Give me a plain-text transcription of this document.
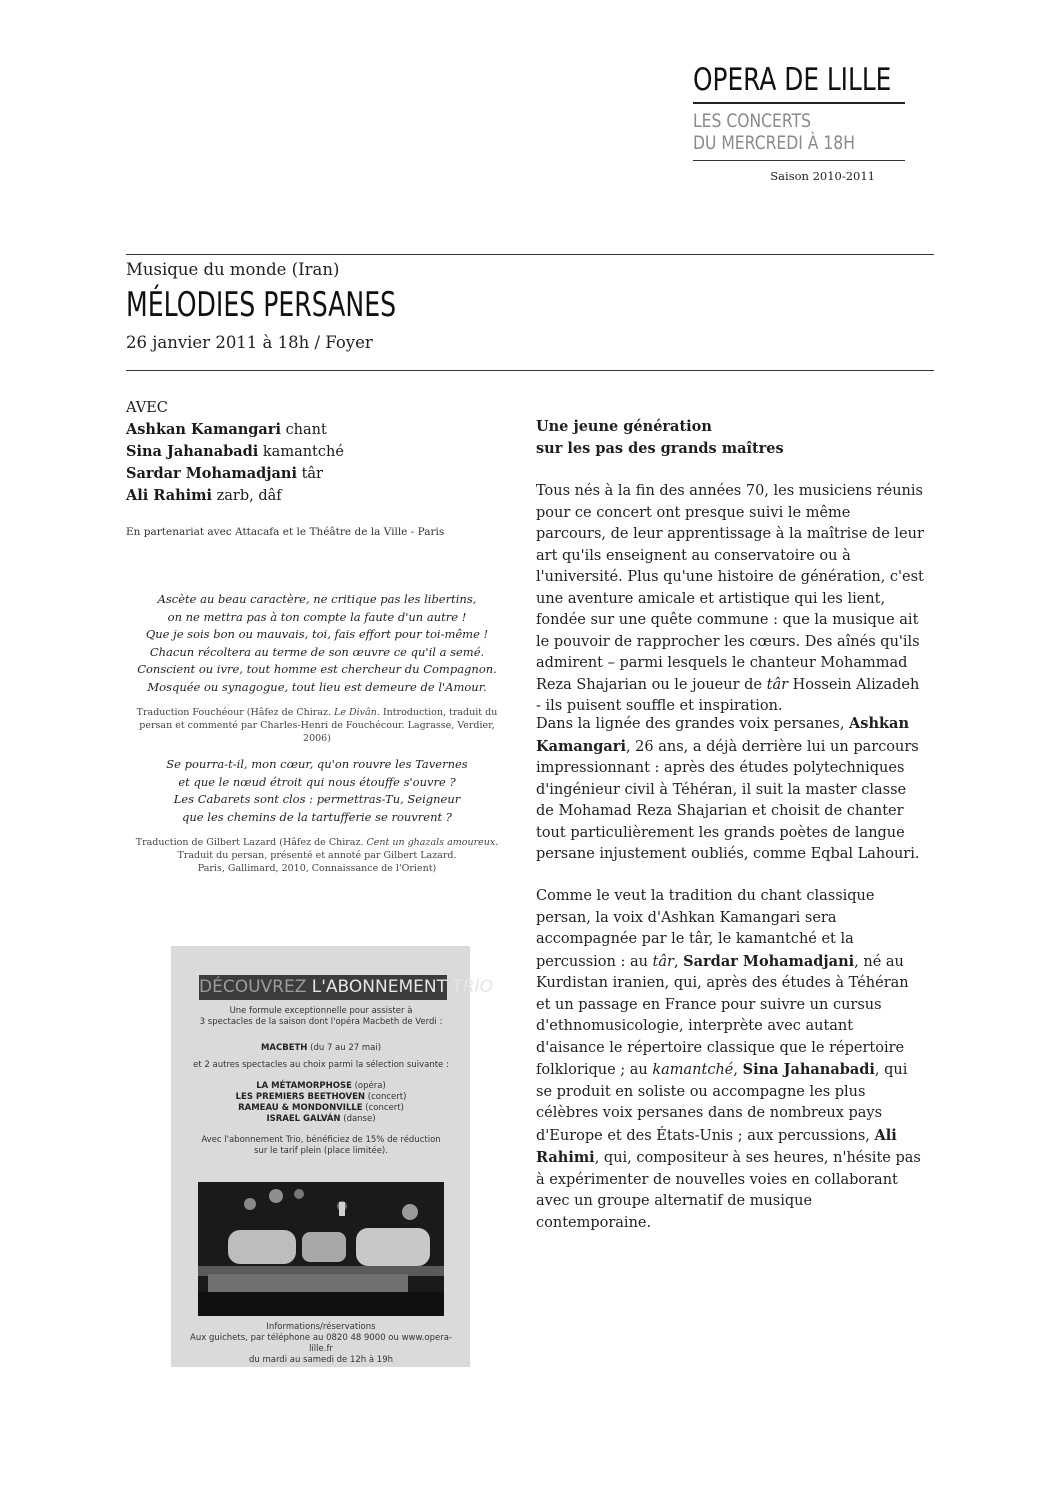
OPERA DE LILLE
LES CONCERTS
DU MERCREDI À 18H
Saison 2010-2011
Musique du monde (Iran)
MÉLODIES PERSANES
26 janvier 2011 à 18h / Foyer
AVEC
Ashkan Kamangari chant
Sina Jahanabadi kamantché
Sardar Mohamadjani târ
Ali Rahimi zarb, dâf
En partenariat avec Attacafa et le Théâtre de la Ville - Paris
Ascète au beau caractère, ne critique pas les libertins,
on ne mettra pas à ton compte la faute d'un autre !
Que je sois bon ou mauvais, toi, fais effort pour toi-même !
Chacun récoltera au terme de son œuvre ce qu'il a semé.
Conscient ou ivre, tout homme est chercheur du Compagnon.
Mosquée ou synagogue, tout lieu est demeure de l'Amour.
Traduction Fouchéour (Hâfez de Chiraz. Le Divân. Introduction, traduit du persan et commenté par Charles-Henri de Fouchécour. Lagrasse, Verdier, 2006)
Se pourra-t-il, mon cœur, qu'on rouvre les Tavernes
et que le nœud étroit qui nous étouffe s'ouvre ?
Les Cabarets sont clos : permettras-Tu, Seigneur
que les chemins de la tartufferie se rouvrent ?
Traduction de Gilbert Lazard (Hâfez de Chiraz. Cent un ghazals amoureux.
Traduit du persan, présenté et annoté par Gilbert Lazard.
Paris, Gallimard, 2010, Connaissance de l'Orient)
DÉCOUVREZ L'ABONNEMENT TRIO
Une formule exceptionnelle pour assister à
3 spectacles de la saison dont l'opéra Macbeth de Verdi :
MACBETH (du 7 au 27 mai)
et 2 autres spectacles au choix parmi la sélection suivante :
LA MÉTAMORPHOSE (opéra)
LES PREMIERS BEETHOVEN (concert)
RAMEAU & MONDONVILLE (concert)
ISRAEL GALVÁN (danse)
Avec l'abonnement Trio, bénéficiez de 15% de réduction
sur le tarif plein (place limitée).
Informations/réservations
Aux guichets, par téléphone au 0820 48 9000 ou www.opera-lille.fr
du mardi au samedi de 12h à 19h
Une jeune génération
sur les pas des grands maîtres
Tous nés à la fin des années 70, les musiciens réunis pour ce concert ont presque suivi le même parcours, de leur apprentissage à la maîtrise de leur art qu'ils enseignent au conservatoire ou à l'université. Plus qu'une histoire de génération, c'est une aventure amicale et artistique qui les lient, fondée sur une quête commune : que la musique ait le pouvoir de rapprocher les cœurs. Des aînés qu'ils admirent – parmi lesquels le chanteur Mohammad Reza Shajarian ou le joueur de târ Hossein Alizadeh - ils puisent souffle et inspiration.
Dans la lignée des grandes voix persanes, Ashkan Kamangari, 26 ans, a déjà derrière lui un parcours impressionnant : après des études polytechniques d'ingénieur civil à Téhéran, il suit la master classe de Mohamad Reza Shajarian et choisit de chanter tout particulièrement les grands poètes de langue persane injustement oubliés, comme Eqbal Lahouri.
Comme le veut la tradition du chant classique persan, la voix d'Ashkan Kamangari sera accompagnée par le târ, le kamantché et la percussion : au târ, Sardar Mohamadjani, né au Kurdistan iranien, qui, après des études à Téhéran et un passage en France pour suivre un cursus d'ethnomusicologie, interprète avec autant d'aisance le répertoire classique que le répertoire folklorique ; au kamantché, Sina Jahanabadi, qui se produit en soliste ou accompagne les plus célèbres voix persanes dans de nombreux pays d'Europe et des États-Unis ; aux percussions, Ali Rahimi, qui, compositeur à ses heures, n'hésite pas à expérimenter de nouvelles voies en collaborant avec un groupe alternatif de musique contemporaine.
